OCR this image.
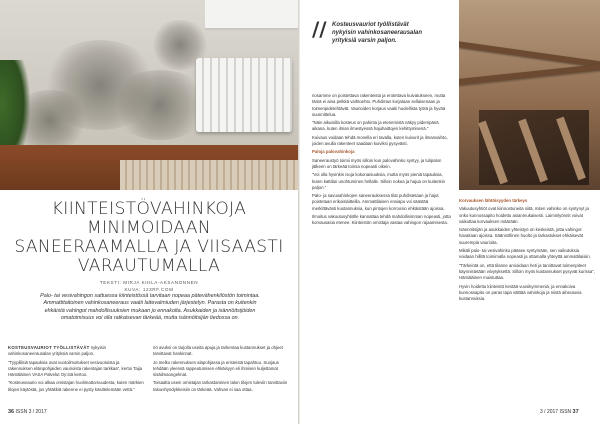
KIINTEISTÖVAHINKOJA
MINIMOIDAAN
SANEERAAMALLA JA VIISAASTI
VARAUTUMALLA
TEKSTI: MIRJA KIHLA-AKSANONNEN
KUVA: 123RF.COM
Palo- tai vesivahingon sattuessa kiinteistössä tarvitaan nopeaa pätevähenkilöstön toimintaa. Ammattitaitoinen vahinkosaneeraus vaatii laitevalmiuden järjestelyn. Parasta on kuitenkin ehkäistä vahingot mahdollisuuksien mukaan jo ennakolta. Asukkaiden ja isännöitsijöiden omatoimisuus voi olla ratkaisevan tärkeää, mutta isännöitsijän tiedossa on.

KOSTEUSVAURIOT TYÖLLISTÄVÄT nykyisin vahinkosaneerausalan yrityksiä varsin paljon.

"Tyypillisiä tapauksia ovat vuotoilmoitukset vesivuotoista ja rakennuksen eläinpohjaiden vaurioista rakentajan tarkkaa", kertoi Taija Hämäläinen VASA Palvelut Oy:stä kertoo.

"Kosteusvaurio voi alkaa omistajan huolimattomuudesta, kuten märkien tilojen käytöstä, jos yhtäkkiä rakenne ei pysty käsittelemään vettä."

riö avuksi on tarjolla useita apuja ja tarkentaa kustannukset ja ohjeet tarvittavat hankinnat.

Jo melko rakennuksen alapohjassa ja eristeistä tapahtuu. Suojaus tehdään yleensä rappeutumisen ehkäisyyn eli ihmisen kuljettamat sisäilmaongelmat.

Toisaalta usein omistajan tarkastaminen talon tilojen tuleviin tarvittaviin taloushyödykkeisiin on tärkeää. Vahvan ei saa ottaa.

36 ISSN 3 / 2017
// Kosteusvauriot työllistävät nykyisin vahinkosaneerausalan yrityksiä varsin paljon.

nosamme on poistettava rakenteista ja erotettava kuivatukseen, mutta tämä ei aina pelkkä vaihtoehto. Puhdistus korjataan sellaisenaan ja toimenpidetehtävät. Vaurioiden korjaus vaatii huolellista työtä ja hyvää suunnittelua.

"Näin aikuisilla kosteus on pahinta ja etenemistä näkyy pidempänä aikana, kuten ilman ilmestyessä hajuhaittojen kehittymisenä."

Kuivaus voidaan tehdä monella eri tavalla, kuten kuivurit ja ilmanvaihto, joiden avulla rakenteet saadaan kuiviksi pysyvästi.

Paloja palovahinkoja

Saneeraustyö toimii myös silloin kun palovahinko syntyy, ja tulipalon jälkeen on tärkeää toimia nopeasti oikein.

"Voi olla hyvinkin isoja kokonaisuuksia, mutta myös pieniä tapauksia, kuten kattilan unohtuminen hellalle. Silloin nokea ja hajua on kuitenkin paljon."

Palo- ja savuvahinkojen saneerauksessa tilat puhdistetaan ja hajut poistetaan erikoislaitteilla. Ammattilaisen ensiapu voi säästää merkittävästi kustannuksia, kun pintojen korroosio ehkäistään ajoissa.

Ilmoitus vakuutusyhtiölle kannattaa tehdä mahdollisimman nopeasti, jotta korvausasia etenee. Kiinteistön omistaja vastaa vahingon rajaamisesta.

Korvauksen lähtöisyyden tärkeys

Vakuutusyhtiöt ovat kiinnostuneita siitä, miten vahinko on syntynyt ja onko kunnossapito hoidettu asianmukaisesti. Laiminlyönnit voivat vaikuttaa korvauksen määrään.

Isännöitsijän ja asukkaiden yhteistyö on keskeistä, jotta vahingot havaitaan ajoissa. Säännöllinen huolto ja tarkastukset ehkäisevät suurempia vaurioita.

Mikäli palo- tai vesivahinko pääsee syntymään, sen vaikutuksia voidaan hillitä toimimalla nopeasti ja ottamalla yhteyttä ammattilaisiin.

"Tärkeintä on, että tilanne arvioidaan heti ja tarvittavat toimenpiteet käynnistetään viivytyksettä. Silloin myös kustannukset pysyvät kurissa", Hämäläinen muistuttaa.

Hyvin hoidettu kiinteistö kestää vuosikymmeniä, ja ennakoiva kunnossapito on paras tapa välttää vahinkoja ja niistä aiheutuvia kustannuksia.

3 / 2017 ISSN 37
